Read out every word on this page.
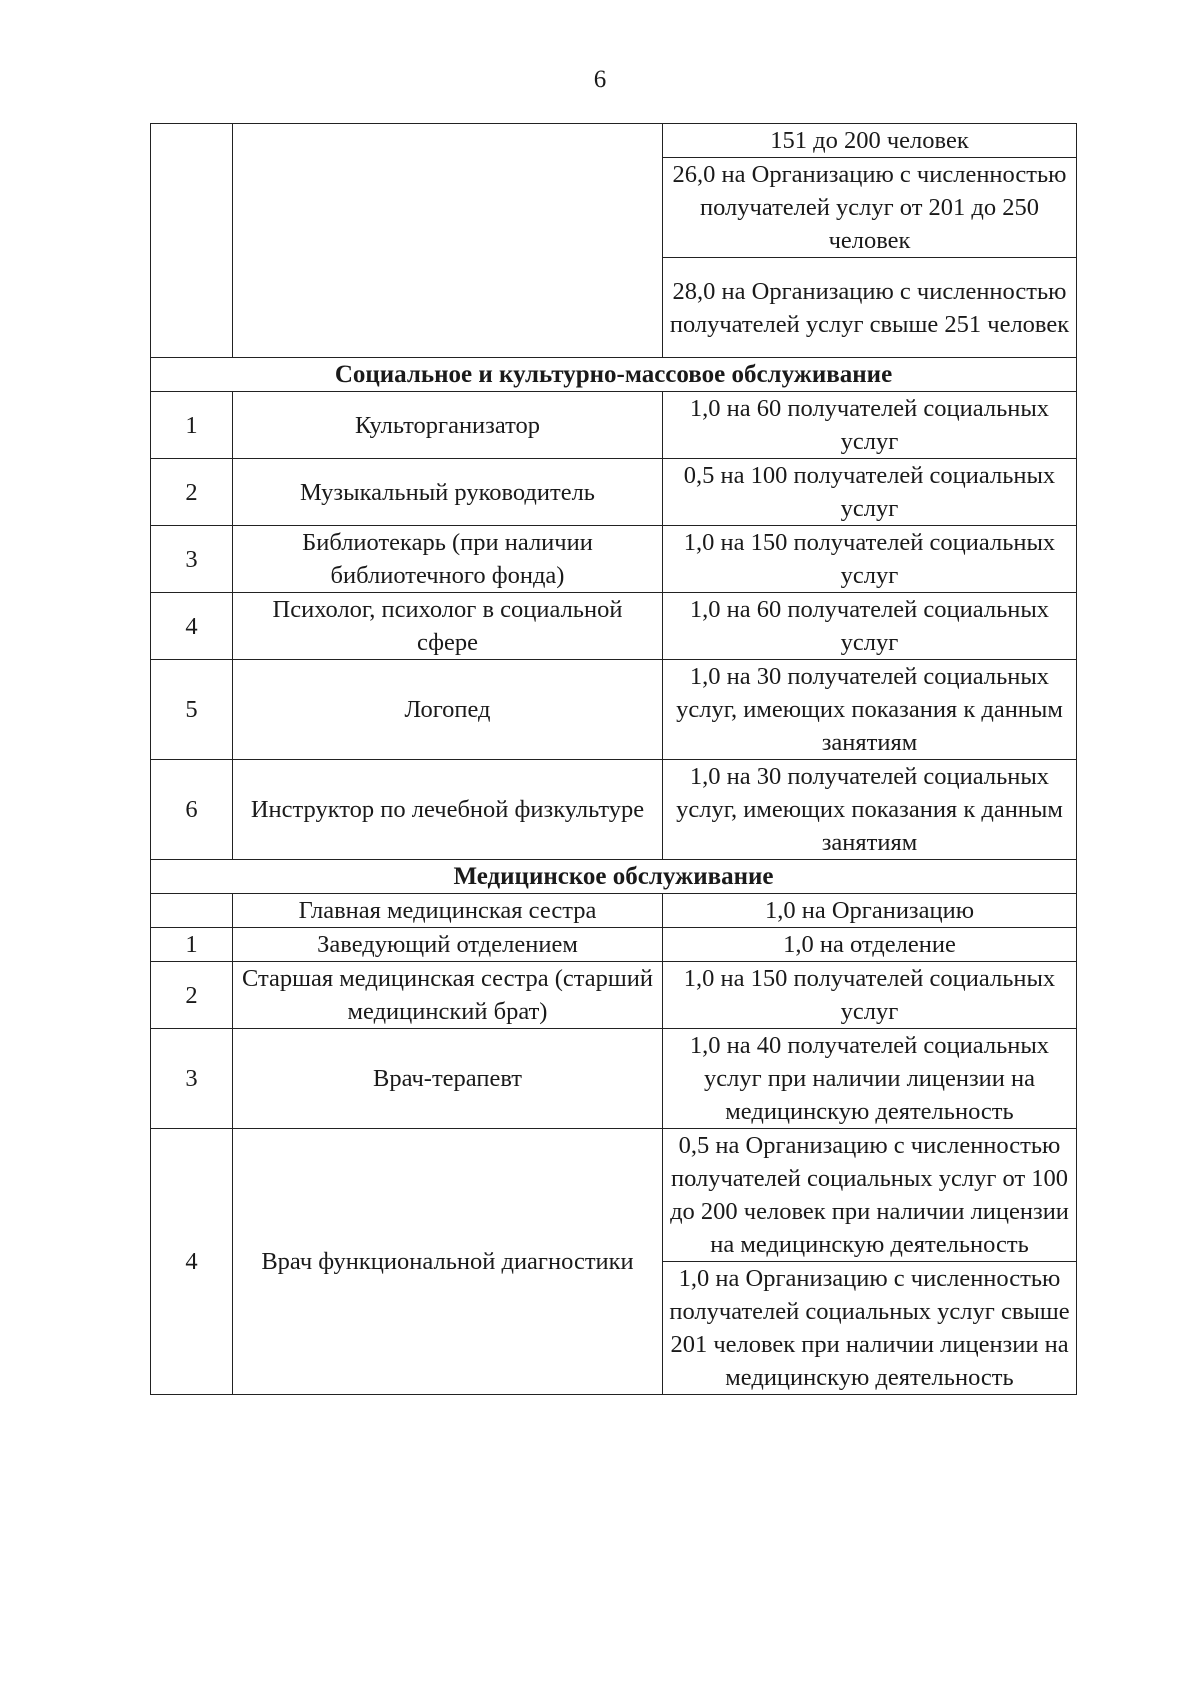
6
		151 до 200 человек
		26,0 на Организацию с численностью получателей услуг от 201 до 250 человек
		28,0 на Организацию с численностью получателей услуг свыше 251 человек
Социальное и культурно-массовое обслуживание		
1	Культорганизатор	1,0 на 60 получателей социальных услуг
2	Музыкальный руководитель	0,5 на 100 получателей социальных услуг
3	Библиотекарь (при наличии библиотечного фонда)	1,0 на 150 получателей социальных услуг
4	Психолог, психолог в социальной сфере	1,0 на 60 получателей социальных услуг
5	Логопед	1,0 на 30 получателей социальных услуг, имеющих показания к данным занятиям
6	Инструктор по лечебной физкультуре	1,0 на 30 получателей социальных услуг, имеющих показания к данным занятиям
Медицинское обслуживание		
	Главная медицинская сестра	1,0 на Организацию
1	Заведующий отделением	1,0 на отделение
2	Старшая медицинская сестра (старший медицинский брат)	1,0 на 150 получателей социальных услуг
3	Врач-терапевт	1,0 на 40 получателей социальных услуг при наличии лицензии на медицинскую деятельность
4	Врач функциональной диагностики	0,5 на Организацию с численностью получателей социальных услуг от 100 до 200 человек при наличии лицензии на медицинскую деятельность
		1,0 на Организацию с численностью получателей социальных услуг свыше 201 человек при наличии лицензии на медицинскую деятельность
